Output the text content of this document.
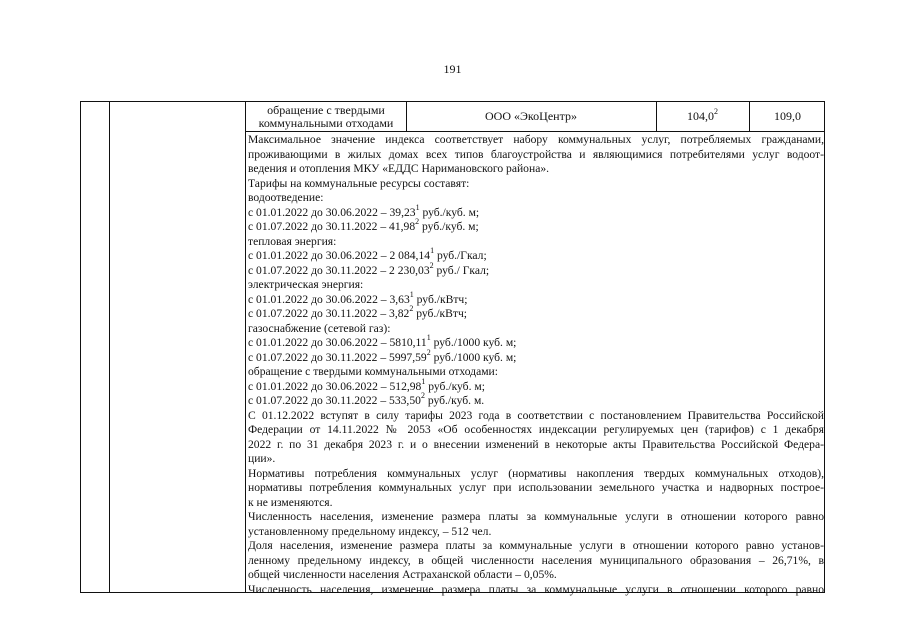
191
обращение с твердыми
коммунальными отходами	ООО «ЭкоЦентр»	104,0$^2$	109,0
Максимальное значение индекса соответствует набору коммунальных услуг, потребляемых гражданами,
проживающими в жилых домах всех типов благоустройства и являющимися потребителями услуг водоот-
ведения и отопления МКУ «ЕДДС Наримановского района».
Тарифы на коммунальные ресурсы составят:
водоотведение:
с 01.01.2022 до 30.06.2022 – 39,23$^1$ руб./куб. м;
с 01.07.2022 до 30.11.2022 – 41,98$^2$ руб./куб. м;
тепловая энергия:
с 01.01.2022 до 30.06.2022 – 2 084,14$^1$ руб./Гкал;
с 01.07.2022 до 30.11.2022 – 2 230,03$^2$ руб./ Гкал;
электрическая энергия:
с 01.01.2022 до 30.06.2022 – 3,63$^1$ руб./кВтч;
с 01.07.2022 до 30.11.2022 – 3,82$^2$ руб./кВтч;
газоснабжение (сетевой газ):
с 01.01.2022 до 30.06.2022 – 5810,11$^1$ руб./1000 куб. м;
с 01.07.2022 до 30.11.2022 – 5997,59$^2$ руб./1000 куб. м;
обращение с твердыми коммунальными отходами:
с 01.01.2022 до 30.06.2022 – 512,98$^1$ руб./куб. м;
с 01.07.2022 до 30.11.2022 – 533,50$^2$ руб./куб. м.
С 01.12.2022 вступят в силу тарифы 2023 года в соответствии с постановлением Правительства Российской
Федерации от 14.11.2022 № 2053 «Об особенностях индексации регулируемых цен (тарифов) с 1 декабря
2022 г. по 31 декабря 2023 г. и о внесении изменений в некоторые акты Правительства Российской Федера-
ции».
Нормативы потребления коммунальных услуг (нормативы накопления твердых коммунальных отходов),
нормативы потребления коммунальных услуг при использовании земельного участка и надворных построе-
к не изменяются.
Численность населения, изменение размера платы за коммунальные услуги в отношении которого равно
установленному предельному индексу, – 512 чел.
Доля населения, изменение размера платы за коммунальные услуги в отношении которого равно установ-
ленному предельному индексу, в общей численности населения муниципального образования – 26,71%, в
общей численности населения Астраханской области – 0,05%.
Численность населения, изменение размера платы за коммунальные услуги в отношении которого равно
